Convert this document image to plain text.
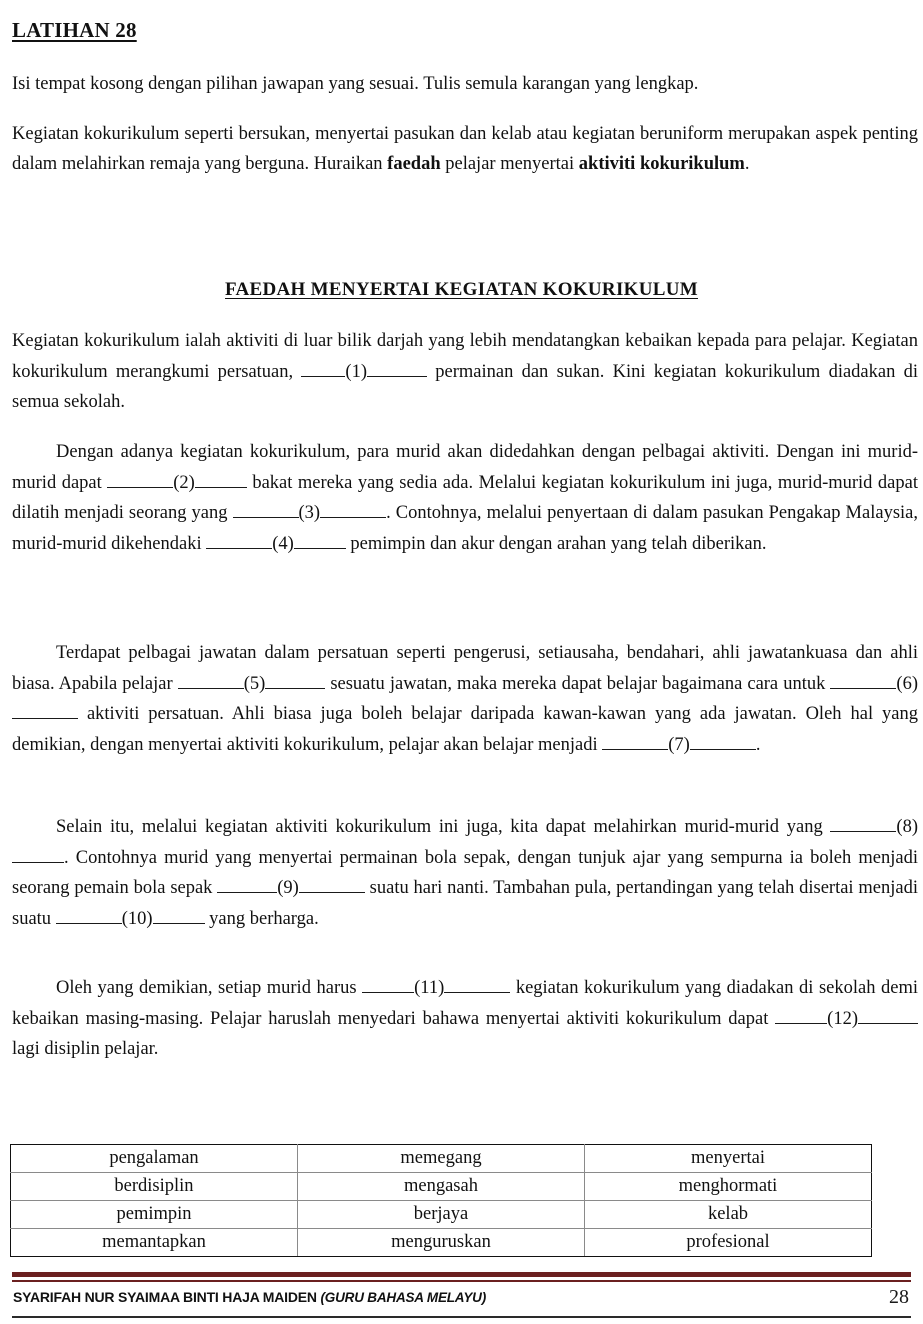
LATIHAN 28
Isi tempat kosong dengan pilihan jawapan yang sesuai. Tulis semula karangan yang lengkap.
Kegiatan kokurikulum seperti bersukan, menyertai pasukan dan kelab atau kegiatan beruniform merupakan aspek penting dalam melahirkan remaja yang berguna. Huraikan faedah pelajar menyertai aktiviti kokurikulum.
FAEDAH MENYERTAI KEGIATAN KOKURIKULUM
Kegiatan kokurikulum ialah aktiviti di luar bilik darjah yang lebih mendatangkan kebaikan kepada para pelajar. Kegiatan kokurikulum merangkumi persatuan, (1)	permainan dan sukan. Kini kegiatan kokurikulum diadakan di semua sekolah.
Dengan adanya kegiatan kokurikulum, para murid akan didedahkan dengan pelbagai aktiviti. Dengan ini murid-murid dapat	(2)	bakat mereka yang sedia ada. Melalui kegiatan kokurikulum ini juga, murid-murid dapat dilatih menjadi seorang yang	(3)	. Contohnya, melalui penyertaan di dalam pasukan Pengakap Malaysia, murid-murid dikehendaki	(4)	pemimpin dan akur dengan arahan yang telah diberikan.
Terdapat pelbagai jawatan dalam persatuan seperti pengerusi, setiausaha, bendahari, ahli jawatankuasa dan ahli biasa. Apabila pelajar	(5)	sesuatu jawatan, maka mereka dapat belajar bagaimana cara untuk	(6) aktiviti persatuan. Ahli biasa juga boleh belajar daripada kawan-kawan yang ada jawatan. Oleh hal yang demikian, dengan menyertai aktiviti kokurikulum, pelajar akan belajar menjadi	(7)	.
Selain itu, melalui kegiatan aktiviti kokurikulum ini juga, kita dapat melahirkan murid-murid yang	(8). Contohnya murid yang menyertai permainan bola sepak, dengan tunjuk ajar yang sempurna ia boleh menjadi seorang pemain bola sepak	(9)	suatu hari nanti. Tambahan pula, pertandingan yang telah disertai menjadi suatu	(10)	yang berharga.
Oleh yang demikian, setiap murid harus	(11)	kegiatan kokurikulum yang diadakan di sekolah demi kebaikan masing-masing. Pelajar haruslah menyedari bahawa menyertai aktiviti kokurikulum dapat	(12) lagi disiplin pelajar.
pengalaman	memegang	menyertai
berdisiplin	mengasah	menghormati
pemimpin	berjaya	kelab
memantapkan	menguruskan	profesional
SYARIFAH NUR SYAIMAA BINTI HAJA MAIDEN (GURU BAHASA MELAYU)	28
